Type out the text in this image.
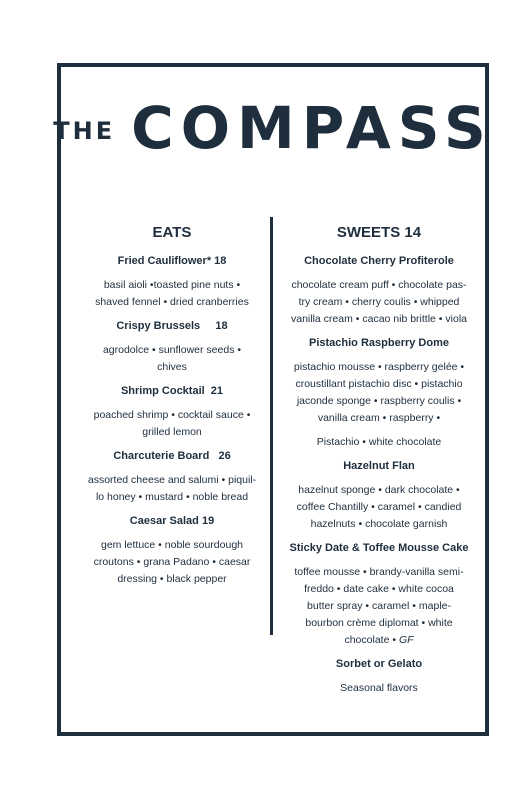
THE COMPASS
EATS
Fried Cauliflower* 18
basil aioli •toasted pine nuts •
shaved fennel • dried cranberries
Crispy Brussels     18
agrodolce • sunflower seeds •
chives
Shrimp Cocktail  21
poached shrimp • cocktail sauce •
grilled lemon
Charcuterie Board   26
assorted cheese and salumi • piquil-
lo honey • mustard • noble bread
Caesar Salad 19
gem lettuce • noble sourdough
croutons • grana Padano • caesar
dressing • black pepper
SWEETS 14
Chocolate Cherry Profiterole
chocolate cream puff • chocolate pas-
try cream • cherry coulis • whipped
vanilla cream • cacao nib brittle • viola
Pistachio Raspberry Dome
pistachio mousse • raspberry gelée •
croustillant pistachio disc • pistachio
jaconde sponge • raspberry coulis •
vanilla cream • raspberry •
Pistachio • white chocolate
Hazelnut Flan
hazelnut sponge • dark chocolate •
coffee Chantilly • caramel • candied
hazelnuts • chocolate garnish
Sticky Date & Toffee Mousse Cake
toffee mousse • brandy-vanilla semi-
freddo • date cake • white cocoa
butter spray • caramel • maple-
bourbon crème diplomat • white
chocolate • GF
Sorbet or Gelato
Seasonal flavors
